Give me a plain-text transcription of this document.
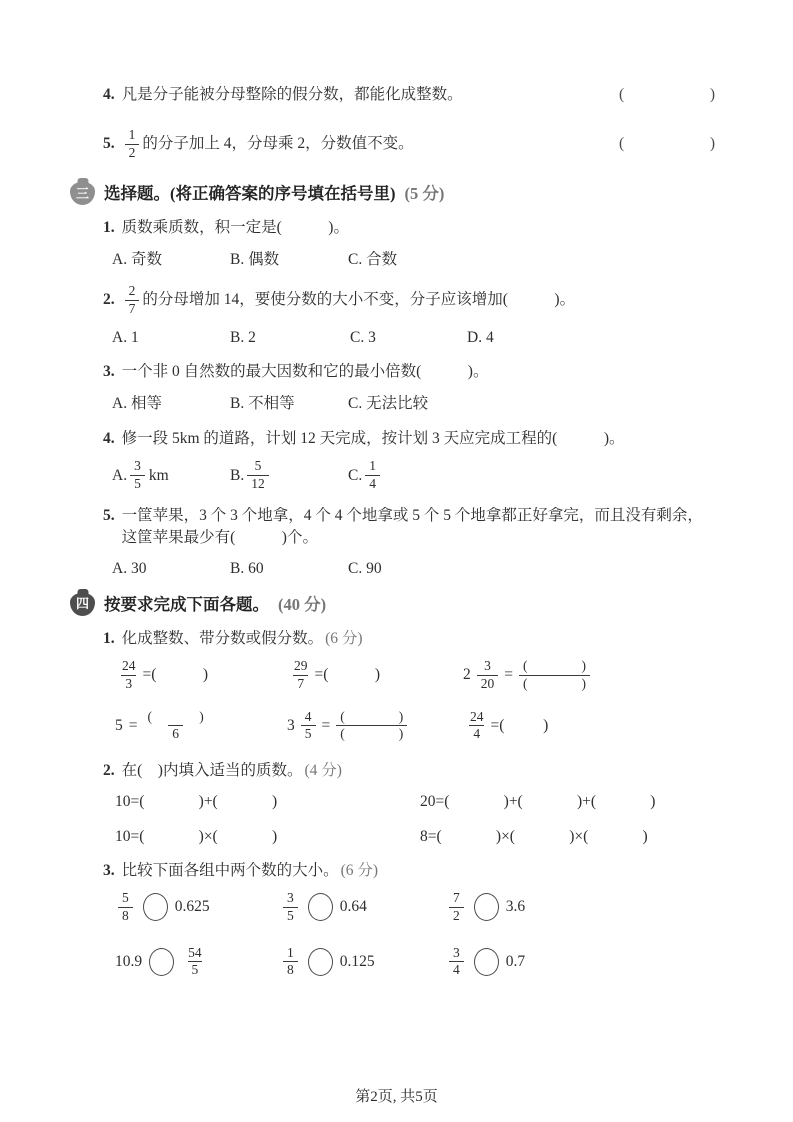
4. 凡是分子能被分母整除的假分数，都能化成整数。	(	)
5. $\frac{1}{2}$ 的分子加上 4，分母乘 2，分数值不变。	(	)
三 选择题。(将正确答案的序号填在括号里) (5 分)
1. 质数乘质数，积一定是(            )。
A. 奇数	B. 偶数	C. 合数
2. $\frac{2}{7}$ 的分母增加 14，要使分数的大小不变，分子应该增加(            )。
A. 1	B. 2	C. 3	D. 4
3. 一个非 0 自然数的最大因数和它的最小倍数(            )。
A. 相等	B. 不相等	C. 无法比较
4. 修一段 5km 的道路，计划 12 天完成，按计划 3 天应完成工程的(            )。
A. $\frac{3}{5}$ km	B. $\frac{5}{12}$	C. $\frac{1}{4}$
5. 一筐苹果，3 个 3 个地拿，4 个 4 个地拿或 5 个 5 个地拿都正好拿完，而且没有剩余，这筐苹果最少有(            )个。
A. 30	B. 60	C. 90
四 按要求完成下面各题。 (40 分)
1. 化成整数、带分数或假分数。 (6 分)
$\frac{24}{3}$ =(            )	$\frac{29}{7}$ =(            )	$2 \frac{3}{20} = \frac{( )}{( )}$
$5 = \frac{( )}{6}$	$3 \frac{4}{5} = \frac{( )}{( )}$	$\frac{24}{4}$ =(          )
2. 在(    )内填入适当的质数。 (4 分)
10=(              )+(              )	20=(              )+(              )+(              )
10=(              )×(              )	8=(              )×(              )×(              )
3. 比较下面各组中两个数的大小。 (6 分)
$\frac{5}{8}$	0.625	$\frac{3}{5}$	0.64	$\frac{7}{2}$	3.6
10.9	$\frac{54}{5}$	$\frac{1}{8}$	0.125	$\frac{3}{4}$	0.7
第2页, 共5页
